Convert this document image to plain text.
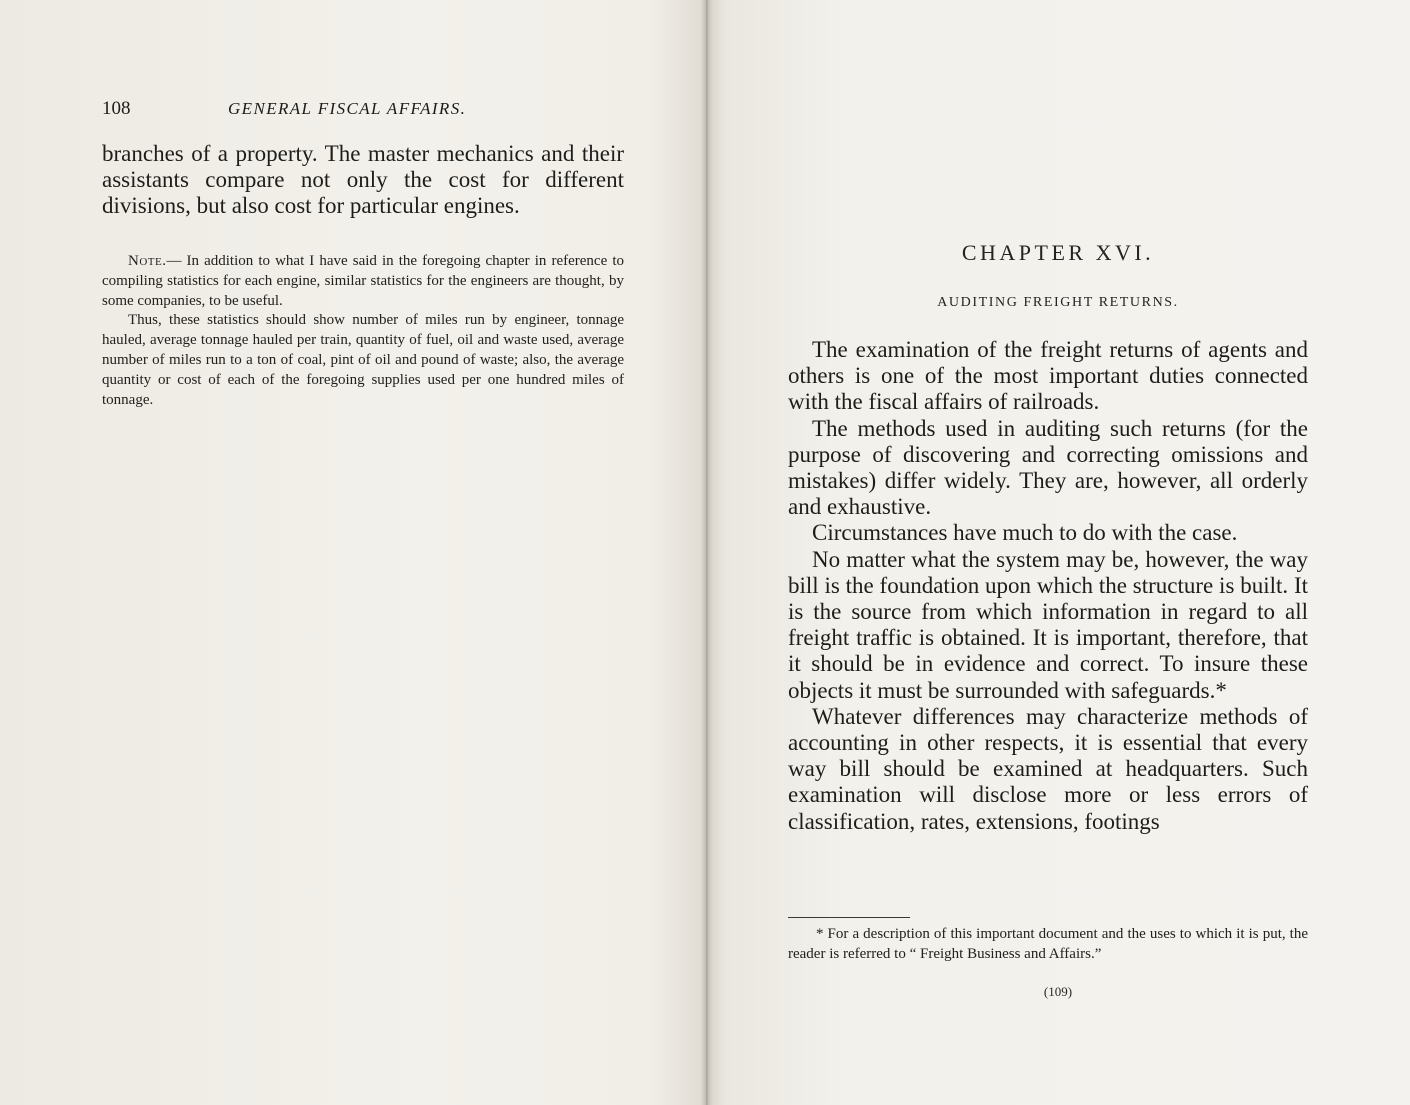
108	GENERAL FISCAL AFFAIRS.

branches of a property. The master mechanics and their assistants compare not only the cost for different divisions, but also cost for particular engines.

Note.— In addition to what I have said in the foregoing chapter in reference to compiling statistics for each engine, similar statistics for the engineers are thought, by some companies, to be useful.

Thus, these statistics should show number of miles run by engineer, tonnage hauled, average tonnage hauled per train, quantity of fuel, oil and waste used, average number of miles run to a ton of coal, pint of oil and pound of waste; also, the average quantity or cost of each of the foregoing supplies used per one hundred miles of tonnage.

CHAPTER XVI.
AUDITING FREIGHT RETURNS.

The examination of the freight returns of agents and others is one of the most important duties connected with the fiscal affairs of railroads.

The methods used in auditing such returns (for the purpose of discovering and correcting omissions and mistakes) differ widely. They are, however, all orderly and exhaustive.

Circumstances have much to do with the case.

No matter what the system may be, however, the way bill is the foundation upon which the structure is built. It is the source from which information in regard to all freight traffic is obtained. It is important, therefore, that it should be in evidence and correct. To insure these objects it must be surrounded with safeguards.*

Whatever differences may characterize methods of accounting in other respects, it is essential that every way bill should be examined at headquarters. Such examination will disclose more or less errors of classification, rates, extensions, footings

* For a description of this important document and the uses to which it is put, the reader is referred to “ Freight Business and Affairs.”

(109)
